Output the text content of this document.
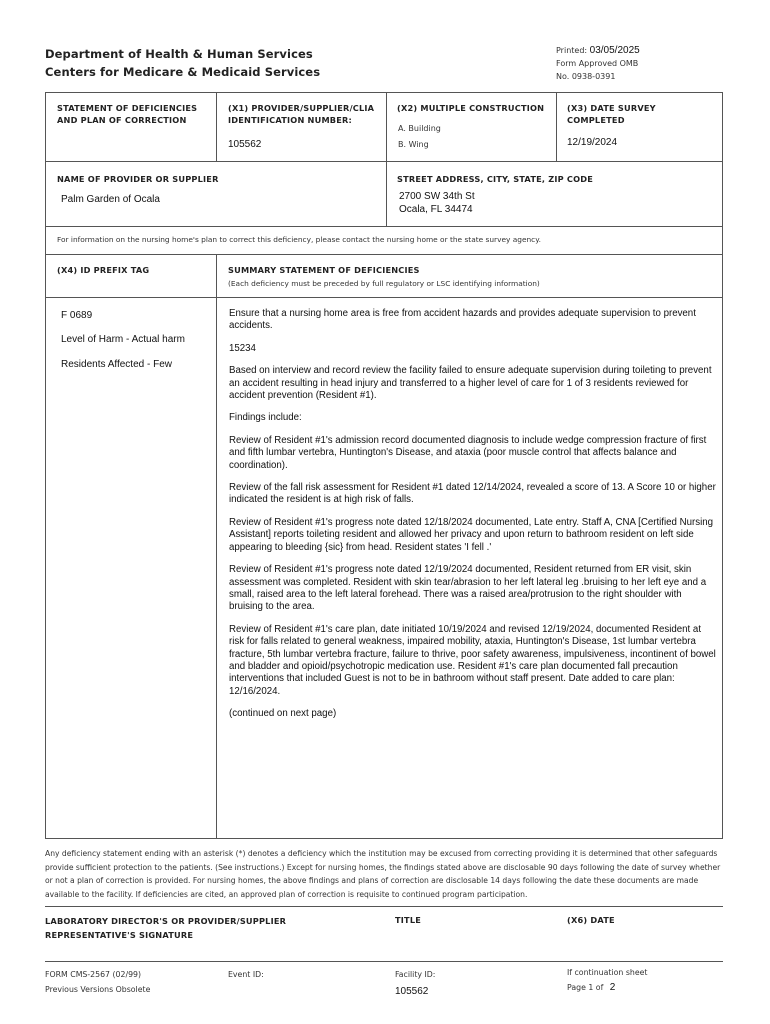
Department of Health & Human Services
Centers for Medicare & Medicaid Services
Printed: 03/05/2025
Form Approved OMB
No. 0938-0391
STATEMENT OF DEFICIENCIES AND PLAN OF CORRECTION
(X1) PROVIDER/SUPPLIER/CLIA IDENTIFICATION NUMBER:
105562
(X2) MULTIPLE CONSTRUCTION
A. Building
B. Wing
(X3) DATE SURVEY COMPLETED
12/19/2024
NAME OF PROVIDER OR SUPPLIER
Palm Garden of Ocala
STREET ADDRESS, CITY, STATE, ZIP CODE
2700 SW 34th St
Ocala, FL 34474
For information on the nursing home's plan to correct this deficiency, please contact the nursing home or the state survey agency.
(X4) ID PREFIX TAG	SUMMARY STATEMENT OF DEFICIENCIES
(Each deficiency must be preceded by full regulatory or LSC identifying information)
F 0689
Level of Harm - Actual harm
Residents Affected - Few

Ensure that a nursing home area is free from accident hazards and provides adequate supervision to prevent accidents.

15234

Based on interview and record review the facility failed to ensure adequate supervision during toileting to prevent an accident resulting in head injury and transferred to a higher level of care for 1 of 3 residents reviewed for accident prevention (Resident #1).

Findings include:

Review of Resident #1's admission record documented diagnosis to include wedge compression fracture of first and fifth lumbar vertebra, Huntington's Disease, and ataxia (poor muscle control that affects balance and coordination).

Review of the fall risk assessment for Resident #1 dated 12/14/2024, revealed a score of 13. A Score 10 or higher indicated the resident is at high risk of falls.

Review of Resident #1's progress note dated 12/18/2024 documented, Late entry. Staff A, CNA [Certified Nursing Assistant] reports toileting resident and allowed her privacy and upon return to bathroom resident on left side appearing to bleeding {sic} from head. Resident states 'I fell .'

Review of Resident #1's progress note dated 12/19/2024 documented, Resident returned from ER visit, skin assessment was completed. Resident with skin tear/abrasion to her left lateral leg .bruising to her left eye and a small, raised area to the left lateral forehead. There was a raised area/protrusion to the right shoulder with bruising to the area.

Review of Resident #1's care plan, date initiated 10/19/2024 and revised 12/19/2024, documented Resident at risk for falls related to general weakness, impaired mobility, ataxia, Huntington's Disease, 1st lumbar vertebra fracture, 5th lumbar vertebra fracture, failure to thrive, poor safety awareness, impulsiveness, incontinent of bowel and bladder and opioid/psychotropic medication use. Resident #1's care plan documented fall precaution interventions that included Guest is not to be in bathroom without staff present. Date added to care plan: 12/16/2024.

(continued on next page)

Any deficiency statement ending with an asterisk (*) denotes a deficiency which the institution may be excused from correcting providing it is determined that other safeguards provide sufficient protection to the patients. (See instructions.) Except for nursing homes, the findings stated above are disclosable 90 days following the date of survey whether or not a plan of correction is provided. For nursing homes, the above findings and plans of correction are disclosable 14 days following the date these documents are made available to the facility. If deficiencies are cited, an approved plan of correction is requisite to continued program participation.
LABORATORY DIRECTOR'S OR PROVIDER/SUPPLIER REPRESENTATIVE'S SIGNATURE
TITLE	(X6) DATE
FORM CMS-2567 (02/99)
Previous Versions Obsolete
Event ID:	Facility ID:
105562
If continuation sheet
Page 1 of 2
